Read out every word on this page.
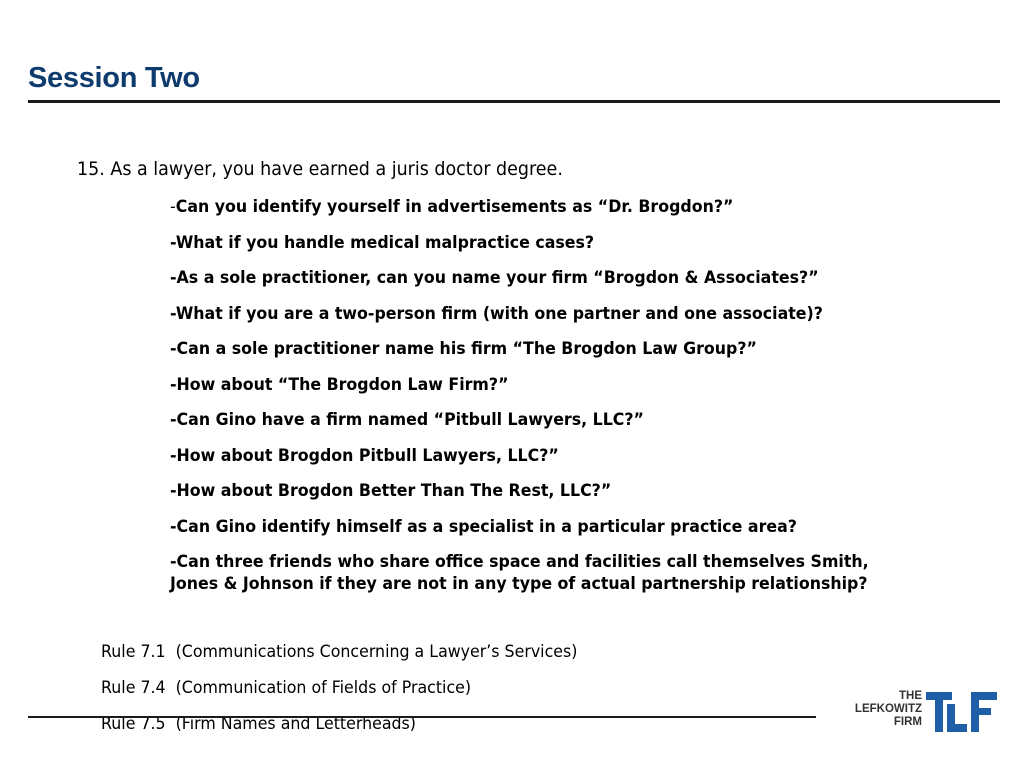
Session Two
15. As a lawyer, you have earned a juris doctor degree.
-Can you identify yourself in advertisements as “Dr. Brogdon?”
-What if you handle medical malpractice cases?
-As a sole practitioner, can you name your firm “Brogdon & Associates?”
-What if you are a two-person firm (with one partner and one associate)?
-Can a sole practitioner name his firm “The Brogdon Law Group?”
-How about “The Brogdon Law Firm?”
-Can Gino have a firm named “Pitbull Lawyers, LLC?”
-How about Brogdon Pitbull Lawyers, LLC?”
-How about Brogdon Better Than The Rest, LLC?”
-Can Gino identify himself as a specialist in a particular practice area?
-Can three friends who share office space and facilities call themselves Smith, Jones & Johnson if they are not in any type of actual partnership relationship?
Rule 7.1  (Communications Concerning a Lawyer’s Services)
Rule 7.4  (Communication of Fields of Practice)
Rule 7.5  (Firm Names and Letterheads)
THE
LEFKOWITZ
FIRM
